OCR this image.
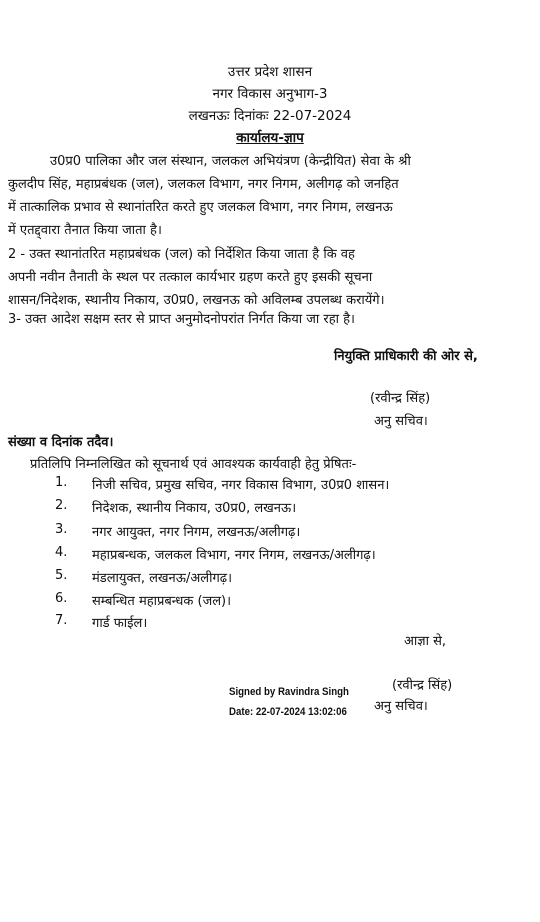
उत्तर प्रदेश शासन
नगर विकास अनुभाग-3
लखनऊः दिनांकः 22-07-2024
कार्यालय-ज्ञाप
उ0प्र0 पालिका और जल संस्थान, जलकल अभियंत्रण (केन्द्रीयित) सेवा के श्री
कुलदीप सिंह, महाप्रबंधक (जल), जलकल विभाग, नगर निगम, अलीगढ़ को जनहित
में तात्कालिक प्रभाव से स्थानांतरित करते हुए जलकल विभाग, नगर निगम, लखनऊ
में एतद्द्वारा तैनात किया जाता है।
2 - उक्त स्थानांतरित महाप्रबंधक (जल) को निर्देशित किया जाता है कि वह
अपनी नवीन तैनाती के स्थल पर तत्काल कार्यभार ग्रहण करते हुए इसकी सूचना
शासन/निदेशक, स्थानीय निकाय, उ0प्र0, लखनऊ को अविलम्ब उपलब्ध करायेंगे।
3- उक्त आदेश सक्षम स्तर से प्राप्त अनुमोदनोपरांत निर्गत किया जा रहा है।
नियुक्ति प्राधिकारी की ओर से,
(रवीन्द्र सिंह)
अनु सचिव।
संख्या व दिनांक तदैव।
प्रतिलिपि निम्नलिखित को सूचनार्थ एवं आवश्यक कार्यवाही हेतु प्रेषितः-
1. निजी सचिव, प्रमुख सचिव, नगर विकास विभाग, उ0प्र0 शासन।
2. निदेशक, स्थानीय निकाय, उ0प्र0, लखनऊ।
3. नगर आयुक्त, नगर निगम, लखनऊ/अलीगढ़।
4. महाप्रबन्धक, जलकल विभाग, नगर निगम, लखनऊ/अलीगढ़।
5. मंडलायुक्त, लखनऊ/अलीगढ़।
6. सम्बन्धित महाप्रबन्धक (जल)।
7. गार्ड फाईल।
आज्ञा से,
(रवीन्द्र सिंह)
अनु सचिव।
Signed by Ravindra Singh
Date: 22-07-2024 13:02:06
